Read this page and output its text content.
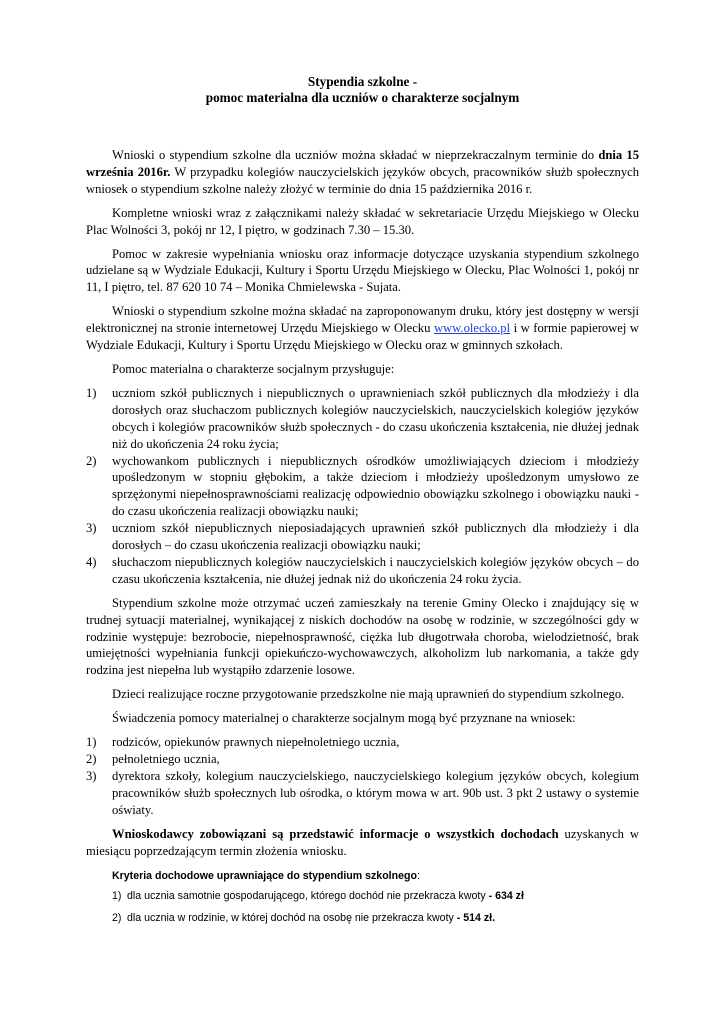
Stypendia szkolne -
pomoc materialna dla uczniów o charakterze socjalnym

Wnioski o stypendium szkolne dla uczniów można składać w nieprzekraczalnym terminie do dnia 15 września 2016r. W przypadku kolegiów nauczycielskich języków obcych, pracowników służb społecznych wniosek o stypendium szkolne należy złożyć w terminie do dnia 15 października 2016 r.

Kompletne wnioski wraz z załącznikami należy składać w sekretariacie Urzędu Miejskiego w Olecku Plac Wolności 3, pokój nr 12, I piętro, w godzinach 7.30 – 15.30.

Pomoc w zakresie wypełniania wniosku oraz informacje dotyczące uzyskania stypendium szkolnego udzielane są w Wydziale Edukacji, Kultury i Sportu Urzędu Miejskiego w Olecku, Plac Wolności 1, pokój nr 11, I piętro, tel. 87 620 10 74 – Monika Chmielewska - Sujata.

Wnioski o stypendium szkolne można składać na zaproponowanym druku, który jest dostępny w wersji elektronicznej na stronie internetowej Urzędu Miejskiego w Olecku www.olecko.pl i w formie papierowej w Wydziale Edukacji, Kultury i Sportu Urzędu Miejskiego w Olecku oraz w gminnych szkołach.

Pomoc materialna o charakterze socjalnym przysługuje:

1) uczniom szkół publicznych i niepublicznych o uprawnieniach szkół publicznych dla młodzieży i dla dorosłych oraz słuchaczom publicznych kolegiów nauczycielskich, nauczycielskich kolegiów języków obcych i kolegiów pracowników służb społecznych - do czasu ukończenia kształcenia, nie dłużej jednak niż do ukończenia 24 roku życia;
2) wychowankom publicznych i niepublicznych ośrodków umożliwiających dzieciom i młodzieży upośledzonym w stopniu głębokim, a także dzieciom i młodzieży upośledzonym umysłowo ze sprzężonymi niepełnosprawnościami realizację odpowiednio obowiązku szkolnego i obowiązku nauki - do czasu ukończenia realizacji obowiązku nauki;
3) uczniom szkół niepublicznych nieposiadających uprawnień szkół publicznych dla młodzieży i dla dorosłych – do czasu ukończenia realizacji obowiązku nauki;
4) słuchaczom niepublicznych kolegiów nauczycielskich i nauczycielskich kolegiów języków obcych – do czasu ukończenia kształcenia, nie dłużej jednak niż do ukończenia 24 roku życia.

Stypendium szkolne może otrzymać uczeń zamieszkały na terenie Gminy Olecko i znajdujący się w trudnej sytuacji materialnej, wynikającej z niskich dochodów na osobę w rodzinie, w szczególności gdy w rodzinie występuje: bezrobocie, niepełnosprawność, ciężka lub długotrwała choroba, wielodzietność, brak umiejętności wypełniania funkcji opiekuńczo-wychowawczych, alkoholizm lub narkomania, a także gdy rodzina jest niepełna lub wystąpiło zdarzenie losowe.

Dzieci realizujące roczne przygotowanie przedszkolne nie mają uprawnień do stypendium szkolnego.

Świadczenia pomocy materialnej o charakterze socjalnym mogą być przyznane na wniosek:

1) rodziców, opiekunów prawnych niepełnoletniego ucznia,
2) pełnoletniego ucznia,
3) dyrektora szkoły, kolegium nauczycielskiego, nauczycielskiego kolegium języków obcych, kolegium pracowników służb społecznych lub ośrodka, o którym mowa w art. 90b ust. 3 pkt 2 ustawy o systemie oświaty.

Wnioskodawcy zobowiązani są przedstawić informacje o wszystkich dochodach uzyskanych w miesiącu poprzedzającym termin złożenia wniosku.

Kryteria dochodowe uprawniające do stypendium szkolnego:
1) dla ucznia samotnie gospodarującego, którego dochód nie przekracza kwoty - 634 zł
2) dla ucznia w rodzinie, w której dochód na osobę nie przekracza kwoty - 514 zł.
